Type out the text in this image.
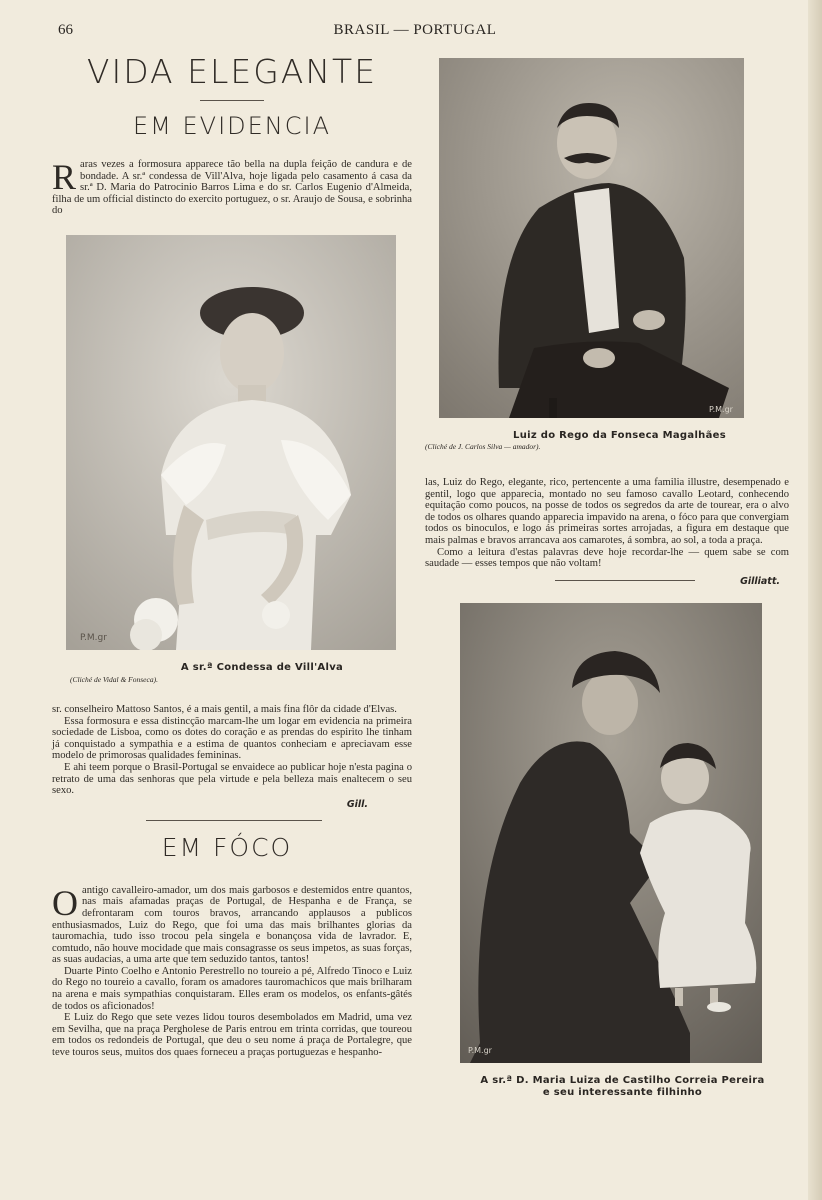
66	BRASIL — PORTUGAL
VIDA ELEGANTE
EM EVIDENCIA
R aras vezes a formosura apparece tão bella na dupla feição de candura e de bondade. A sr.ª condessa de Vill'Alva, hoje ligada pelo casamento á casa da sr.ª D. Maria do Patrocinio Barros Lima e do sr. Carlos Eugenio d'Almeida, filha de um official distincto do exercito portuguez, o sr. Araujo de Sousa, e sobrinha do
P.M.gr
A sr.ª Condessa de Vill'Alva
(Cliché de Vidal & Fonseca).

sr. conselheiro Mattoso Santos, é a mais gentil, a mais fina flôr da cidade d'Elvas.

Essa formosura e essa distincção marcam-lhe um logar em evidencia na primeira sociedade de Lisboa, como os dotes do coração e as prendas do espirito lhe tinham já conquistado a sympathia e a estima de quantos conheciam e apreciavam esse modelo de primorosas qualidades femininas.

E ahi teem porque o Brasil-Portugal se envaidece ao publicar hoje n'esta pagina o retrato de uma das senhoras que pela virtude e pela belleza mais enaltecem o seu sexo.

Gill.
EM FÓCO

Oantigo cavalleiro-amador, um dos mais garbosos e destemidos entre quantos, nas mais afamadas praças de Portugal, de Hespanha e de França, se defrontaram com touros bravos, arrancando applausos a publicos enthusiasmados, Luiz do Rego, que foi uma das mais brilhantes glorias da tauromachia, tudo isso trocou pela singela e bonançosa vida de lavrador. E, comtudo, não houve mocidade que mais consagrasse os seus impetos, as suas forças, as suas audacias, a uma arte que tem seduzido tantos, tantos!

Duarte Pinto Coelho e Antonio Perestrello no toureio a pé, Alfredo Tinoco e Luiz do Rego no toureio a cavallo, foram os amadores tauromachicos que mais brilharam na arena e mais sympathias conquistaram. Elles eram os modelos, os enfants-gâtés de todos os aficionados!

E Luiz do Rego que sete vezes lidou touros desembolados em Madrid, uma vez em Sevilha, que na praça Pergholese de Paris entrou em trinta corridas, que toureou em todos os redondeis de Portugal, que deu o seu nome á praça de Portalegre, que teve touros seus, muitos dos quaes forneceu a praças portuguezas e hespanho-

P.M.gr
Luiz do Rego da Fonseca Magalhães
(Cliché de J. Carlos Silva — amador).

las, Luiz do Rego, elegante, rico, pertencente a uma familia illustre, desempenado e gentil, logo que apparecia, montado no seu famoso cavallo Leotard, conhecendo equitação como poucos, na posse de todos os segredos da arte de tourear, era o alvo de todos os olhares quando apparecia impavido na arena, o fóco para que convergiam todos os binoculos, e logo ás primeiras sortes arrojadas, a figura em destaque que mais palmas e bravos arrancava aos camarotes, á sombra, ao sol, a toda a praça.

Como a leitura d'estas palavras deve hoje recordar-lhe — quem sabe se com saudade — esses tempos que não voltam!

Gilliatt.
P.M.gr
A sr.ª D. Maria Luiza de Castilho Correia Pereira
e seu interessante filhinho
